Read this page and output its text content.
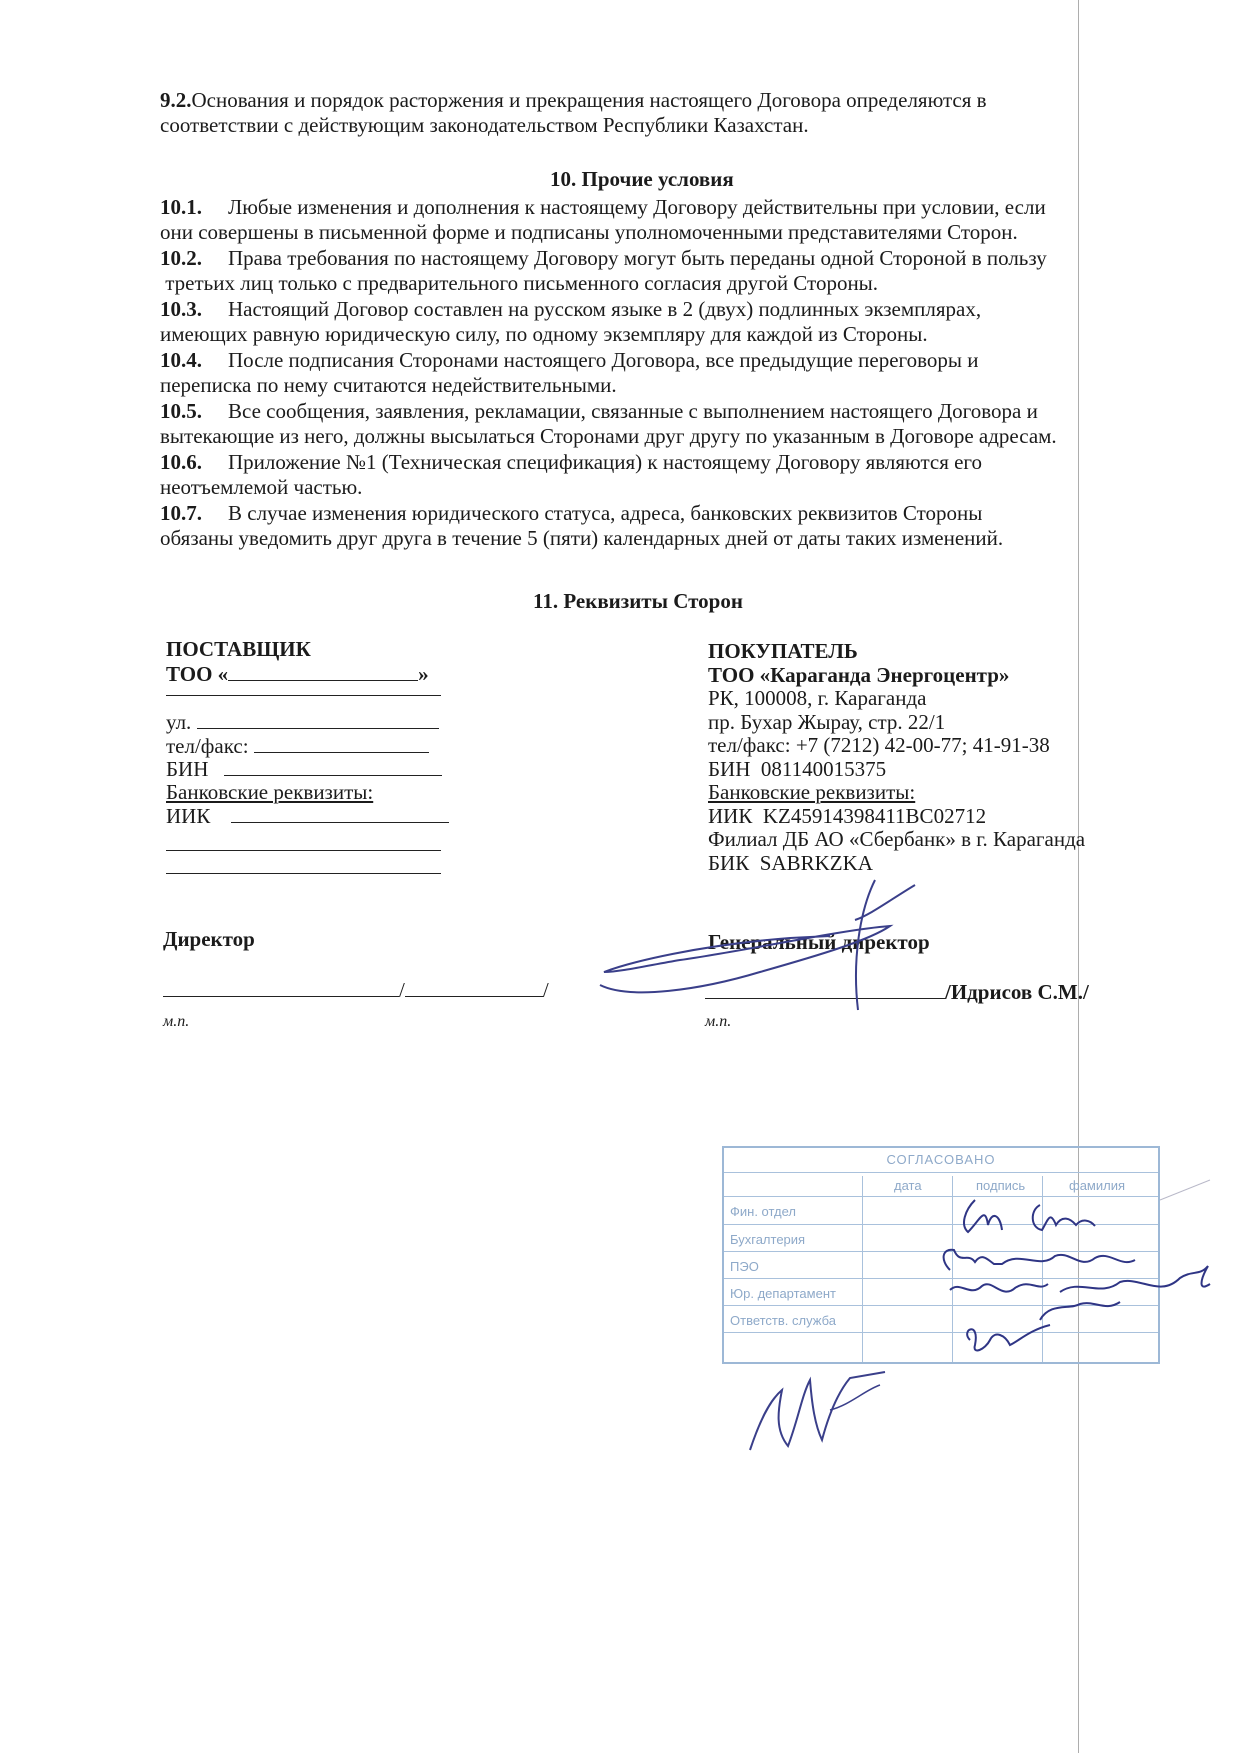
9.2.Основания и порядок расторжения и прекращения настоящего Договора определяются в
соответствии с действующим законодательством Республики Казахстан.
10. Прочие условия
10.1. Любые изменения и дополнения к настоящему Договору действительны при условии, если
они совершены в письменной форме и подписаны уполномоченными представителями Сторон.
10.2. Права требования по настоящему Договору могут быть переданы одной Стороной в пользу
третьих лиц только с предварительного письменного согласия другой Стороны.
10.3. Настоящий Договор составлен на русском языке в 2 (двух) подлинных экземплярах,
имеющих равную юридическую силу, по одному экземпляру для каждой из Стороны.
10.4. После подписания Сторонами настоящего Договора, все предыдущие переговоры и
переписка по нему считаются недействительными.
10.5. Все сообщения, заявления, рекламации, связанные с выполнением настоящего Договора и
вытекающие из него, должны высылаться Сторонами друг другу по указанным в Договоре адресам.
10.6. Приложение №1 (Техническая спецификация) к настоящему Договору являются его
неотъемлемой частью.
10.7. В случае изменения юридического статуса, адреса, банковских реквизитов Стороны
обязаны уведомить друг друга в течение 5 (пяти) календарных дней от даты таких изменений.
11. Реквизиты Сторон
ПОСТАВЩИК
ТОО «	»
ул.
тел/факс:
БИН
Банковские реквизиты:
ИИК
Директор
/	/
м.п.
ПОКУПАТЕЛЬ
ТОО «Караганда Энергоцентр»
РК, 100008, г. Караганда
пр. Бухар Жырау, стр. 22/1
тел/факс: +7 (7212) 42-00-77; 41-91-38
БИН  081140015375
Банковские реквизиты:
ИИК  KZ45914398411BC02712
Филиал ДБ АО «Сбербанк» в г. Караганда
БИК  SABRKZKA
Генеральный директор
/Идрисов С.М./
м.п.
СОГЛАСОВАНО
дата	подпись	фамилия
Фин. отдел
Бухгалтерия
ПЭО
Юр. департамент
Ответств. служба
